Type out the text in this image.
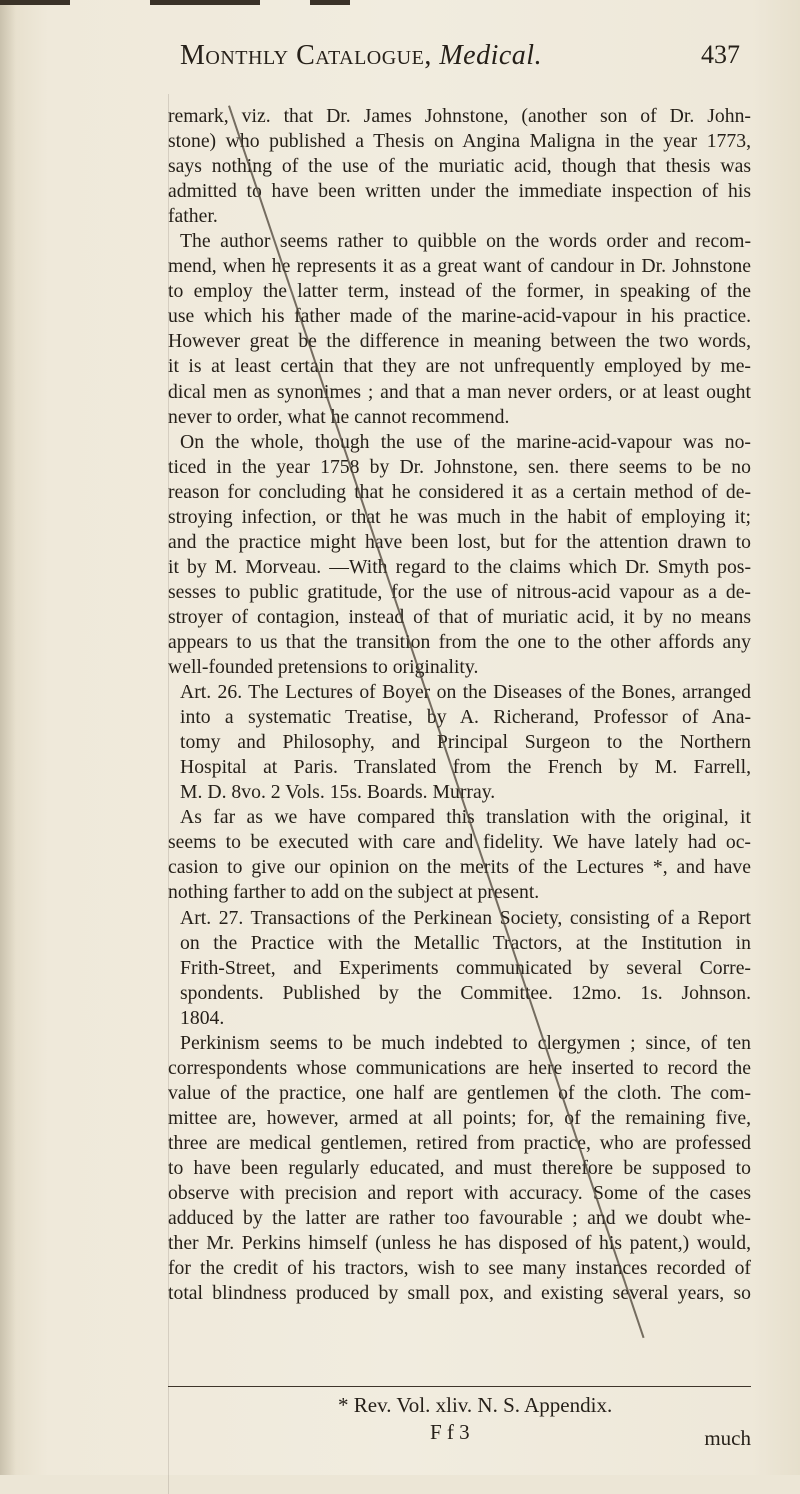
Monthly Catalogue, Medical.	437
remark, viz. that Dr. James Johnstone, (another son of Dr. John-
stone) who published a Thesis on Angina Maligna in the year 1773,
says nothing of the use of the muriatic acid, though that thesis was
admitted to have been written under the immediate inspection of his
father.
The author seems rather to quibble on the words order and recom-
mend, when he represents it as a great want of candour in Dr. Johnstone
to employ the latter term, instead of the former, in speaking of the
use which his father made of the marine-acid-vapour in his practice.
However great be the difference in meaning between the two words,
it is at least certain that they are not unfrequently employed by me-
dical men as synonimes ; and that a man never orders, or at least ought
never to order, what he cannot recommend.
On the whole, though the use of the marine-acid-vapour was no-
ticed in the year 1758 by Dr. Johnstone, sen. there seems to be no
reason for concluding that he considered it as a certain method of de-
stroying infection, or that he was much in the habit of employing it;
and the practice might have been lost, but for the attention drawn to
it by M. Morveau. —With regard to the claims which Dr. Smyth pos-
sesses to public gratitude, for the use of nitrous-acid vapour as a de-
stroyer of contagion, instead of that of muriatic acid, it by no means
appears to us that the transition from the one to the other affords any
well-founded pretensions to originality.
Art. 26. The Lectures of Boyer on the Diseases of the Bones, arranged
into a systematic Treatise, by A. Richerand, Professor of Ana-
tomy and Philosophy, and Principal Surgeon to the Northern
Hospital at Paris. Translated from the French by M. Farrell,
M. D. 8vo. 2 Vols. 15s. Boards. Murray.
As far as we have compared this translation with the original, it
seems to be executed with care and fidelity. We have lately had oc-
casion to give our opinion on the merits of the Lectures *, and have
nothing farther to add on the subject at present.
Art. 27. Transactions of the Perkinean Society, consisting of a Report
on the Practice with the Metallic Tractors, at the Institution in
Frith-Street, and Experiments communicated by several Corre-
spondents. Published by the Committee. 12mo. 1s. Johnson.
1804.
Perkinism seems to be much indebted to clergymen ; since, of ten
correspondents whose communications are here inserted to record the
value of the practice, one half are gentlemen of the cloth. The com-
mittee are, however, armed at all points; for, of the remaining five,
three are medical gentlemen, retired from practice, who are professed
to have been regularly educated, and must therefore be supposed to
observe with precision and report with accuracy. Some of the cases
adduced by the latter are rather too favourable ; and we doubt whe-
ther Mr. Perkins himself (unless he has disposed of his patent,) would,
for the credit of his tractors, wish to see many instances recorded of
total blindness produced by small pox, and existing several years, so
* Rev. Vol. xliv. N. S. Appendix.
F f 3	much
